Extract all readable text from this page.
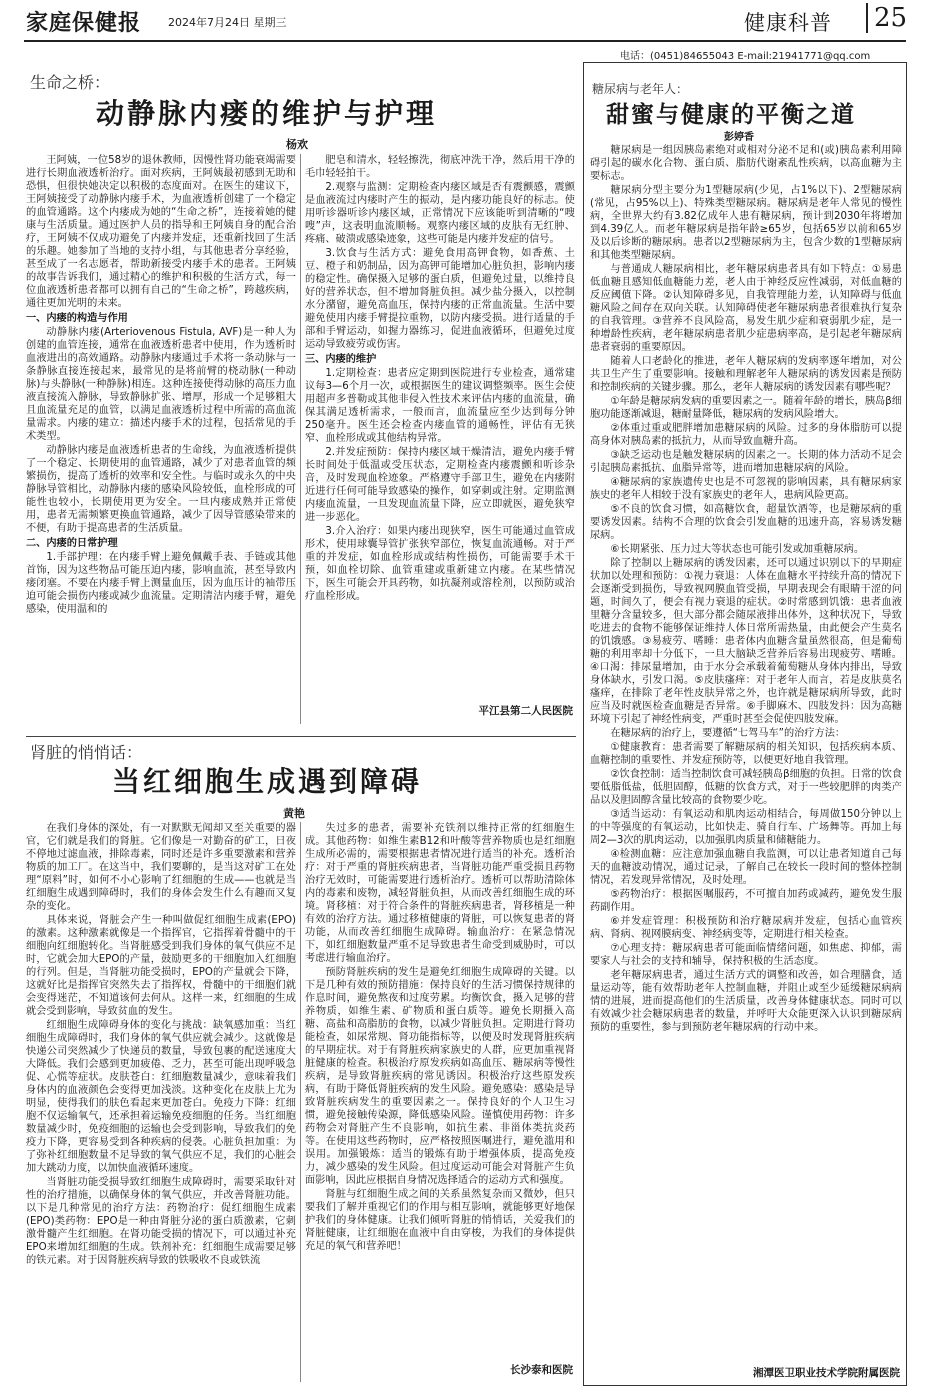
家庭保健报 2024年7月24日 星期三	健康科普	25
电话：(0451)84655043 E-mail:21941771@qq.com
生命之桥：
动静脉内瘘的维护与护理
杨欢

王阿姨，一位58岁的退休教师，因慢性肾功能衰竭需要进行长期血液透析治疗。面对疾病，王阿姨最初感到无助和恐惧，但很快她决定以积极的态度面对。在医生的建议下，王阿姨接受了动静脉内瘘手术，为血液透析创建了一个稳定的血管通路。这个内瘘成为她的“生命之桥”，连接着她的健康与生活质量。通过医护人员的指导和王阿姨自身的配合治疗，王阿姨不仅成功避免了内瘘并发症，还重新找回了生活的乐趣。她参加了当地的支持小组，与其他患者分享经验，甚至成了一名志愿者，帮助新接受内瘘手术的患者。王阿姨的故事告诉我们，通过精心的维护和积极的生活方式，每一位血液透析患者都可以拥有自己的“生命之桥”，跨越疾病，通往更加光明的未来。

一、内瘘的构造与作用

动静脉内瘘(Arteriovenous Fistula, AVF)是一种人为创建的血管连接，通常在血液透析患者中使用，作为透析时血液进出的高效通路。动静脉内瘘通过手术将一条动脉与一条静脉直接连接起来，最常见的是将前臂的桡动脉(一种动脉)与头静脉(一种静脉)相连。这种连接使得动脉的高压力血液直接流入静脉，导致静脉扩张、增厚，形成一个足够粗大且血流量充足的血管，以满足血液透析过程中所需的高血流量需求。内瘘的建立：描述内瘘手术的过程，包括常见的手术类型。

动静脉内瘘是血液透析患者的生命线，为血液透析提供了一个稳定、长期使用的血管通路，减少了对患者血管的频繁损伤，提高了透析的效率和安全性。与临时或永久的中央静脉导管相比，动静脉内瘘的感染风险较低，血栓形成的可能性也较小，长期使用更为安全。一旦内瘘成熟并正常使用，患者无需频繁更换血管通路，减少了因导管感染带来的不便，有助于提高患者的生活质量。

二、内瘘的日常护理

1.手部护理：在内瘘手臂上避免佩戴手表、手链或其他首饰，因为这些物品可能压迫内瘘，影响血流，甚至导致内瘘闭塞。不要在内瘘手臂上测量血压，因为血压计的袖带压迫可能会损伤内瘘或减少血流量。定期清洁内瘘手臂，避免感染，使用温和的

肥皂和清水，轻轻擦洗，彻底冲洗干净，然后用干净的毛巾轻轻拍干。

2.观察与监测：定期检查内瘘区域是否有震颤感，震颤是血液流过内瘘时产生的振动，是内瘘功能良好的标志。使用听诊器听诊内瘘区域，正常情况下应该能听到清晰的“嗖嗖”声，这表明血流顺畅。观察内瘘区域的皮肤有无红肿、疼痛、破溃或感染迹象，这些可能是内瘘并发症的信号。

3.饮食与生活方式：避免食用高钾食物，如香蕉、土豆、橙子和奶制品，因为高钾可能增加心脏负担，影响内瘘的稳定性。确保摄入足够的蛋白质，但避免过量，以维持良好的营养状态，但不增加肾脏负担。减少盐分摄入，以控制水分潴留，避免高血压，保持内瘘的正常血流量。生活中要避免使用内瘘手臂提拉重物，以防内瘘受损。进行适量的手部和手臂运动，如握力器练习，促进血液循环，但避免过度运动导致疲劳或伤害。

三、内瘘的维护

1.定期检查：患者应定期到医院进行专业检查，通常建议每3—6个月一次，或根据医生的建议调整频率。医生会使用超声多普勒或其他非侵入性技术来评估内瘘的血流量，确保其满足透析需求，一般而言，血流量应至少达到每分钟250毫升。医生还会检查内瘘血管的通畅性，评估有无狭窄、血栓形成或其他结构异常。

2.并发症预防：保持内瘘区域干燥清洁，避免内瘘手臂长时间处于低温或受压状态，定期检查内瘘震颤和听诊杂音，及时发现血栓迹象。严格遵守手部卫生，避免在内瘘附近进行任何可能导致感染的操作，如穿刺或注射。定期监测内瘘血流量，一旦发现血流量下降，应立即就医，避免狭窄进一步恶化。

3.介入治疗：如果内瘘出现狭窄，医生可能通过血管成形术，使用球囊导管扩张狭窄部位，恢复血流通畅。对于严重的并发症，如血栓形成或结构性损伤，可能需要手术干预，如血栓切除、血管重建或重新建立内瘘。在某些情况下，医生可能会开具药物，如抗凝剂或溶栓剂，以预防或治疗血栓形成。

平江县第二人民医院
肾脏的悄悄话：
当红细胞生成遇到障碍
黄艳

在我们身体的深处，有一对默默无闻却又至关重要的器官，它们就是我们的肾脏。它们像是一对勤奋的矿工，日夜不停地过滤血液，排除毒素，同时还是许多重要激素和营养物质的加工厂。在这当中，我们要聊的，是当这对矿工在处理“原料”时，如何不小心影响了红细胞的生成——也就是当红细胞生成遇到障碍时，我们的身体会发生什么有趣而又复杂的变化。

具体来说，肾脏会产生一种叫做促红细胞生成素(EPO)的激素。这种激素就像是一个指挥官，它指挥着骨髓中的干细胞向红细胞转化。当肾脏感受到我们身体的氧气供应不足时，它就会加大EPO的产量，鼓励更多的干细胞加入红细胞的行列。但是，当肾脏功能受损时，EPO的产量就会下降，这就好比是指挥官突然失去了指挥权，骨髓中的干细胞们就会变得迷茫，不知道该何去何从。这样一来，红细胞的生成就会受到影响，导致贫血的发生。

红细胞生成障碍身体的变化与挑战：缺氧感加重：当红细胞生成障碍时，我们身体的氧气供应就会减少。这就像是快递公司突然减少了快递员的数量，导致包裹的配送速度大大降低。我们会感到更加疲倦、乏力，甚至可能出现呼吸急促、心慌等症状。皮肤苍白：红细胞数量减少，意味着我们身体内的血液颜色会变得更加浅淡。这种变化在皮肤上尤为明显，使得我们的肤色看起来更加苍白。免疫力下降：红细胞不仅运输氧气，还承担着运输免疫细胞的任务。当红细胞数量减少时，免疫细胞的运输也会受到影响，导致我们的免疫力下降，更容易受到各种疾病的侵袭。心脏负担加重：为了弥补红细胞数量不足导致的氧气供应不足，我们的心脏会加大跳动力度，以加快血液循环速度。

当肾脏功能受损导致红细胞生成障碍时，需要采取针对性的治疗措施，以确保身体的氧气供应，并改善肾脏功能。以下是几种常见的治疗方法：药物治疗：促红细胞生成素(EPO)类药物：EPO是一种由肾脏分泌的蛋白质激素，它刺激骨髓产生红细胞。在肾功能受损的情况下，可以通过补充EPO来增加红细胞的生成。铁剂补充：红细胞生成需要足够的铁元素。对于因肾脏疾病导致的铁吸收不良或铁流

失过多的患者，需要补充铁剂以维持正常的红细胞生成。其他药物：如维生素B12和叶酸等营养物质也是红细胞生成所必需的，需要根据患者情况进行适当的补充。透析治疗：对于严重的肾脏疾病患者，当肾脏功能严重受损且药物治疗无效时，可能需要进行透析治疗。透析可以帮助清除体内的毒素和废物，减轻肾脏负担，从而改善红细胞生成的环境。肾移植：对于符合条件的肾脏疾病患者，肾移植是一种有效的治疗方法。通过移植健康的肾脏，可以恢复患者的肾功能，从而改善红细胞生成障碍。输血治疗：在紧急情况下，如红细胞数量严重不足导致患者生命受到威胁时，可以考虑进行输血治疗。

预防肾脏疾病的发生是避免红细胞生成障碍的关键。以下是几种有效的预防措施：保持良好的生活习惯保持规律的作息时间，避免熬夜和过度劳累。均衡饮食，摄入足够的营养物质，如维生素、矿物质和蛋白质等。避免长期摄入高糖、高盐和高脂肪的食物，以减少肾脏负担。定期进行肾功能检查，如尿常规、肾功能指标等，以便及时发现肾脏疾病的早期症状。对于有肾脏疾病家族史的人群，应更加重视肾脏健康的检查。积极治疗原发疾病如高血压、糖尿病等慢性疾病，是导致肾脏疾病的常见诱因。积极治疗这些原发疾病，有助于降低肾脏疾病的发生风险。避免感染：感染是导致肾脏疾病发生的重要因素之一。保持良好的个人卫生习惯，避免接触传染源，降低感染风险。谨慎使用药物：许多药物会对肾脏产生不良影响，如抗生素、非甾体类抗炎药等。在使用这些药物时，应严格按照医嘱进行，避免滥用和误用。加强锻炼：适当的锻炼有助于增强体质，提高免疫力，减少感染的发生风险。但过度运动可能会对肾脏产生负面影响，因此应根据自身情况选择适合的运动方式和强度。

肾脏与红细胞生成之间的关系虽然复杂而又微妙，但只要我们了解并重视它们的作用与相互影响，就能够更好地保护我们的身体健康。让我们倾听肾脏的悄悄话，关爱我们的肾脏健康，让红细胞在血液中自由穿梭，为我们的身体提供充足的氧气和营养吧！

长沙泰和医院
糖尿病与老年人：
甜蜜与健康的平衡之道
彭婷香

糖尿病是一组因胰岛素绝对或相对分泌不足和(或)胰岛素利用障碍引起的碳水化合物、蛋白质、脂肪代谢紊乱性疾病，以高血糖为主要标志。

糖尿病分型主要分为1型糖尿病(少见，占1%以下)、2型糖尿病(常见，占95%以上)、特殊类型糖尿病。糖尿病是老年人常见的慢性病，全世界大约有3.82亿成年人患有糖尿病，预计到2030年将增加到4.39亿人。而老年糖尿病是指年龄≥65岁，包括65岁以前和65岁及以后诊断的糖尿病。患者以2型糖尿病为主，包含少数的1型糖尿病和其他类型糖尿病。

与普通成人糖尿病相比，老年糖尿病患者具有如下特点：①易患低血糖且感知低血糖能力差，老人由于神经反应性减弱，对低血糖的反应阈值下降。②认知障碍多见，自我管理能力差，认知障碍与低血糖风险之间存在双向关联。认知障碍使老年糖尿病患者很难执行复杂的自我管理。③营养不良风险高，易发生肌少症和衰弱肌少症，是一种增龄性疾病，老年糖尿病患者肌少症患病率高，是引起老年糖尿病患者衰弱的重要原因。

随着人口老龄化的推进，老年人糖尿病的发病率逐年增加，对公共卫生产生了重要影响。接触和理解老年人糖尿病的诱发因素是预防和控制疾病的关键步骤。那么，老年人糖尿病的诱发因素有哪些呢？

①年龄是糖尿病发病的重要因素之一。随着年龄的增长，胰岛β细胞功能逐渐减退，糖耐量降低，糖尿病的发病风险增大。

②体重过重或肥胖增加患糖尿病的风险。过多的身体脂肪可以提高身体对胰岛素的抵抗力，从而导致血糖升高。

③缺乏运动也是触发糖尿病的因素之一。长期的体力活动不足会引起胰岛素抵抗、血脂异常等，进而增加患糖尿病的风险。

④糖尿病的家族遗传史也是不可忽视的影响因素，具有糖尿病家族史的老年人相较于没有家族史的老年人，患病风险更高。

⑤不良的饮食习惯，如高糖饮食，超量饮酒等，也是糖尿病的重要诱发因素。结构不合理的饮食会引发血糖的迅速升高，容易诱发糖尿病。

⑥长期紧张、压力过大等状态也可能引发或加重糖尿病。

除了控制以上糖尿病的诱发因素，还可以通过识别以下的早期症状加以处理和预防：①视力衰退：人体在血糖水平持续升高的情况下会逐渐受到损伤，导致视网膜血管受损，早期表现会有眼睛干涩的问题，时间久了，便会有视力衰退的症状。②时常感到饥饿：患者血液里糖分含量较多，但大部分都会随尿液排出体外，这种状况下，导致吃进去的食物不能够保证维持人体日常所需热量，由此便会产生莫名的饥饿感。③易疲劳、嗜睡：患者体内血糖含量虽然很高，但是葡萄糖的利用率却十分低下，一旦大脑缺乏营养后容易出现疲劳、嗜睡。④口渴：排尿量增加，由于水分会承载着葡萄糖从身体内排出，导致身体缺水，引发口渴。⑤皮肤瘙痒：对于老年人而言，若是皮肤莫名瘙痒，在排除了老年性皮肤异常之外，也许就是糖尿病所导致，此时应当及时就医检查血糖是否异常。⑥手脚麻木、四肢发抖：因为高糖环境下引起了神经性病变，严重时甚至会促使四肢发麻。

在糖尿病的治疗上，要遵循“七驾马车”的治疗方法：

①健康教育：患者需要了解糖尿病的相关知识，包括疾病本质、血糖控制的重要性、并发症预防等，以便更好地自我管理。

②饮食控制：适当控制饮食可减轻胰岛β细胞的负担。日常的饮食要低脂低盐，低胆固醇，低糖的饮食方式，对于一些较肥胖的肉类产品以及胆固醇含量比较高的食物要少吃。

③适当运动：有氧运动和肌肉运动相结合，每周做150分钟以上的中等强度的有氧运动，比如快走、骑自行车、广场舞等。再加上每周2—3次的肌肉运动，以加强肌肉质量和储糖能力。

④检测血糖：应注意加强血糖自我监测，可以让患者知道自己每天的血糖波动情况，通过记录，了解自己在较长一段时间的整体控制情况，若发现异常情况，及时处理。

⑤药物治疗：根据医嘱服药，不可擅自加药或减药，避免发生服药副作用。

⑥并发症管理：积极预防和治疗糖尿病并发症，包括心血管疾病、肾病、视网膜病变、神经病变等，定期进行相关检查。

⑦心理支持：糖尿病患者可能面临情绪问题，如焦虑、抑郁，需要家人与社会的支持和辅导，保持积极的生活态度。

老年糖尿病患者，通过生活方式的调整和改善，如合理膳食，适量运动等，能有效帮助老年人控制血糖，并阻止或至少延缓糖尿病病情的进展，进而提高他们的生活质量，改善身体健康状态。同时可以有效减少社会糖尿病患者的数量，并呼吁大众能更深入认识到糖尿病预防的重要性，参与到预防老年糖尿病的行动中来。

湘潭医卫职业技术学院附属医院
